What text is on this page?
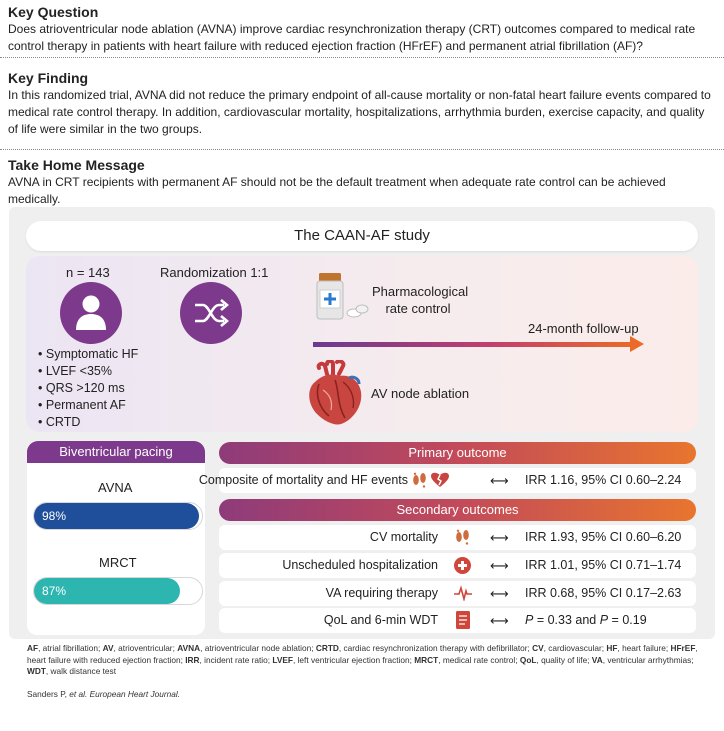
Key Question

Does atrioventricular node ablation (AVNA) improve cardiac resynchronization therapy (CRT) outcomes compared to medical rate control therapy in patients with heart failure with reduced ejection fraction (HFrEF) and permanent atrial fibrillation (AF)?

Key Finding

In this randomized trial, AVNA did not reduce the primary endpoint of all-cause mortality or non-fatal heart failure events compared to medical rate control therapy. In addition, cardiovascular mortality, hospitalizations, arrhythmia burden, exercise capacity, and quality of life were similar in the two groups.

Take Home Message

AVNA in CRT recipients with permanent AF should not be the default treatment when adequate rate control can be achieved medically.

The CAAN-AF study
n = 143	Randomization 1:1
• Symptomatic HF
• LVEF <35%
• QRS >120 ms
• Permanent AF
• CRTD
Pharmacological
rate control
24-month follow-up
AV node ablation
Biventricular pacing
AVNA
98%
MRCT
87%
Primary outcome
Composite of mortality and HF events	⟷ IRR 1.16, 95% CI 0.60–2.24
Secondary outcomes
CV mortality	⟷ IRR 1.93, 95% CI 0.60–6.20
Unscheduled hospitalization	⟷ IRR 1.01, 95% CI 0.71–1.74
VA requiring therapy	⟷ IRR 0.68, 95% CI 0.17–2.63
QoL and 6-min WDT	⟷ P = 0.33 and P = 0.19
AF, atrial fibrillation; AV, atrioventricular; AVNA, atrioventricular node ablation; CRTD, cardiac resynchronization therapy with defibrillator; CV, cardiovascular; HF, heart failure; HFrEF, heart failure with reduced ejection fraction; IRR, incident rate ratio; LVEF, left ventricular ejection fraction; MRCT, medical rate control; QoL, quality of life; VA, ventricular arrhythmias; WDT, walk distance test
Sanders P, et al. European Heart Journal.
